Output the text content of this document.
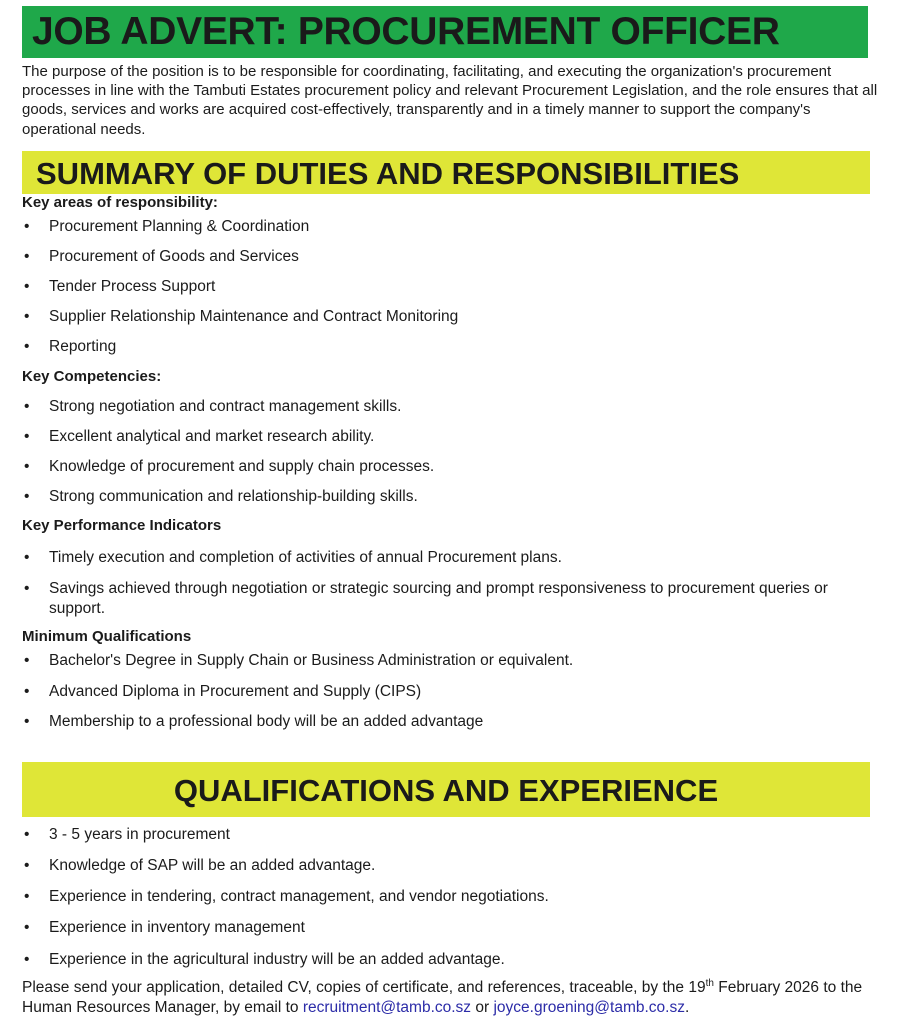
JOB ADVERT: PROCUREMENT OFFICER

The purpose of the position is to be responsible for coordinating, facilitating, and executing the organization's procurement processes in line with the Tambuti Estates procurement policy and relevant Procurement Legislation, and the role ensures that all goods, services and works are acquired cost-effectively, transparently and in a timely manner to support the company's operational needs.

SUMMARY OF DUTIES AND RESPONSIBILITIES

Key areas of responsibility:

• Procurement Planning & Coordination

• Procurement of Goods and Services

• Tender Process Support

• Supplier Relationship Maintenance and Contract Monitoring

• Reporting

Key Competencies:

• Strong negotiation and contract management skills.

• Excellent analytical and market research ability.

• Knowledge of procurement and supply chain processes.

• Strong communication and relationship-building skills.

Key Performance Indicators

• Timely execution and completion of activities of annual Procurement plans.

• Savings achieved through negotiation or strategic sourcing and prompt responsiveness to procurement queries or support.

Minimum Qualifications

• Bachelor's Degree in Supply Chain or Business Administration or equivalent.

• Advanced Diploma in Procurement and Supply (CIPS)

• Membership to a professional body will be an added advantage

QUALIFICATIONS AND EXPERIENCE

• 3 - 5 years in procurement

• Knowledge of SAP will be an added advantage.

• Experience in tendering, contract management, and vendor negotiations.

• Experience in inventory management

• Experience in the agricultural industry will be an added advantage.

Please send your application, detailed CV, copies of certificate, and references, traceable, by the 19th February 2026 to the Human Resources Manager, by email to recruitment@tamb.co.sz or joyce.groening@tamb.co.sz.
